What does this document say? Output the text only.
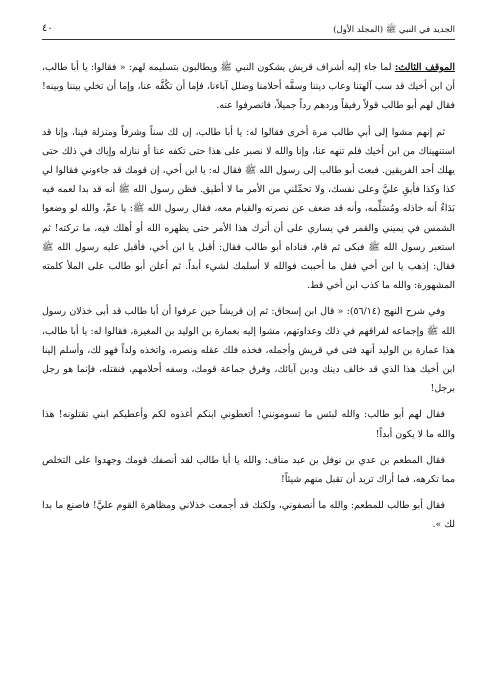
الجديد في النبي ﷺ (المجلد الأول)
٤٠

الموقف الثالث: لما جاء إليه أشراف قريش يشكون النبي ﷺ ويطالبون بتسليمه لهم: « فقالوا: يا أبا طالب، أن ابن أخيك قد سب آلهتنا وعاب ديننا وسفَّه أحلامنا وضلل آباءنا، فإما أن تكُفَّه عنا، وإما أن تخلي بيننا وبينه! فقال لهم أبو طالب قولاً رفيقاً وردهم رداً جميلاً، فانصرفوا عنه.

ثم إنهم مشوا إلى أبي طالب مرة أخرى فقالوا له: يا أبا طالب، إن لك سناً وشرفاً ومنزلة فينا، وإنا قد استنهيناك من ابن أخيك فلم تنهه عنا، وإنا والله لا نصبر على هذا حتى تكفه عنا أو ننازله وإياك في ذلك حتى يهلك أحد الفريقين. فبعث أبو طالب إلى رسول الله ﷺ فقال له: يا ابن أخي، إن قومك قد جاءوني فقالوا لي كذا وكذا فأبقِ عليَّ وعلى نفسك، ولا تحمِّلني من الأمر ما لا أطيق. فظن رسول الله ﷺ أنه قد بدا لعمه فيه بَدَاءٌ أنه خاذله ومُسَلِّمه، وأنه قد ضعف عن نصرته والقيام معه، فقال رسول الله ﷺ: يا عمِّ، والله لو وضعوا الشمس في يميني والقمر في يساري على أن أترك هذا الأمر حتى يظهره الله أو أهلك فيه، ما تركته! ثم استعبر رسول الله ﷺ فبكى ثم قام، فناداه أبو طالب فقال: أقبل يا ابن أخي، فأقبل عليه رسول الله ﷺ فقال: إذهب يا ابن أخي فقل ما أحببت فوالله لا أسلمك لشيء أبداً. ثم أعلن أبو طالب على الملأ كلمته المشهورة: والله ما كذب ابن أخي قط.

وفي شرح النهج (٥٦/١٤): « قال ابن إسحاق: ثم إن قريشاً حين عرفوا أن أبا طالب قد أبى خذلان رسول الله ﷺ وإجماعه لفراقهم في ذلك وعداوتهم، مشوا إليه بعمارة بن الوليد بن المغيرة، فقالوا له: يا أبا طالب، هذا عمارة بن الوليد أنهد فتى في قريش وأجمله، فخذه فلك عقله ونصره، واتخذه ولداً فهو لك، وأسلم إلينا ابن أخيك هذا الذي قد خالف دينك ودين آبائك، وفرق جماعة قومك، وسفه أحلامهم، فنقتله، فإنما هو رجل برجل!

فقال لهم أبو طالب: والله لبئس ما تسومونني! أتعطوني ابنكم أغذوه لكم وأعطيكم ابني تقتلونه! هذا والله ما لا يكون أبداً!

فقال المطعم بن عدي بن نوفل بن عبد مناف: والله يا أبا طالب لقد أنصفك قومك وجهدوا على التخلص مما تكرهه، فما أراك تريد أن تقبل منهم شيئاً!

فقال أبو طالب للمطعم: والله ما أنصفوني، ولكنك قد أجمعت خذلاني ومظاهرة القوم عليَّ! فاصنع ما بدا لك ».
